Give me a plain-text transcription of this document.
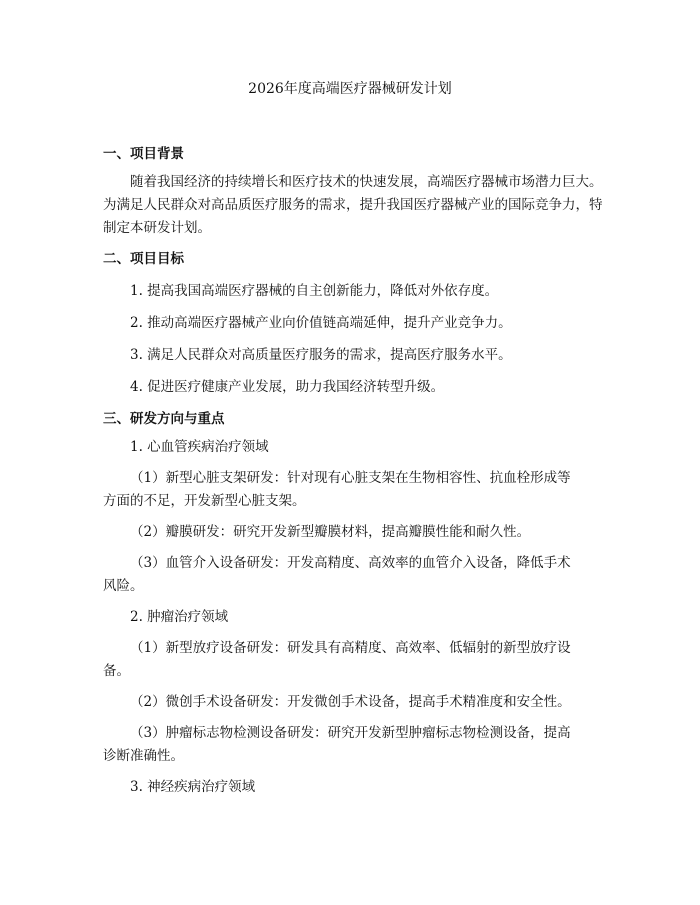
2026年度高端医疗器械研发计划
一、项目背景

随着我国经济的持续增长和医疗技术的快速发展，高端医疗器械市场潜力巨大。为满足人民群众对高品质医疗服务的需求，提升我国医疗器械产业的国际竞争力，特制定本研发计划。

二、项目目标

1. 提高我国高端医疗器械的自主创新能力，降低对外依存度。

2. 推动高端医疗器械产业向价值链高端延伸，提升产业竞争力。

3. 满足人民群众对高质量医疗服务的需求，提高医疗服务水平。

4. 促进医疗健康产业发展，助力我国经济转型升级。

三、研发方向与重点

1. 心血管疾病治疗领域

（1）新型心脏支架研发：针对现有心脏支架在生物相容性、抗血栓形成等方面的不足，开发新型心脏支架。

（2）瓣膜研发：研究开发新型瓣膜材料，提高瓣膜性能和耐久性。

（3）血管介入设备研发：开发高精度、高效率的血管介入设备，降低手术风险。

2. 肿瘤治疗领域

（1）新型放疗设备研发：研发具有高精度、高效率、低辐射的新型放疗设备。

（2）微创手术设备研发：开发微创手术设备，提高手术精准度和安全性。

（3）肿瘤标志物检测设备研发：研究开发新型肿瘤标志物检测设备，提高诊断准确性。

3. 神经疾病治疗领域
